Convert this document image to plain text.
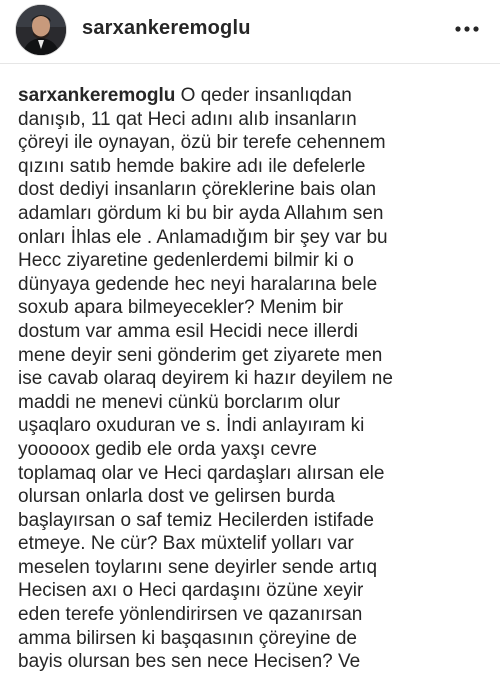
sarxankeremoglu
sarxankeremoglu O qeder insanlıqdan
danışıb, 11 qat Heci adını alıb insanların
çöreyi ile oynayan, özü bir terefe cehennem
qızını satıb hemde bakire adı ile defelerle
dost dediyi insanların çöreklerine bais olan
adamları gördum ki bu bir ayda Allahım sen
onları İhlas ele . Anlamadığım bir şey var bu
Hecc ziyaretine gedenlerdemi bilmir ki o
dünyaya gedende hec neyi haralarına bele
soxub apara bilmeyecekler? Menim bir
dostum var amma esil Hecidi nece illerdi
mene deyir seni gönderim get ziyarete men
ise cavab olaraq deyirem ki hazır deyilem ne
maddi ne menevi cünkü borclarım olur
uşaqlaro oxuduran ve s. İndi anlayıram ki
yooooox gedib ele orda yaxşı cevre
toplamaq olar ve Heci qardaşları alırsan ele
olursan onlarla dost ve gelirsen burda
başlayırsan o saf temiz Hecilerden istifade
etmeye. Ne cür? Bax müxtelif yolları var
meselen toylarını sene deyirler sende artıq
Hecisen axı o Heci qardaşını özüne xeyir
eden terefe yönlendirirsen ve qazanırsan
amma bilirsen ki başqasının çöreyine de
bayis olursan bes sen nece Hecisen? Ve
